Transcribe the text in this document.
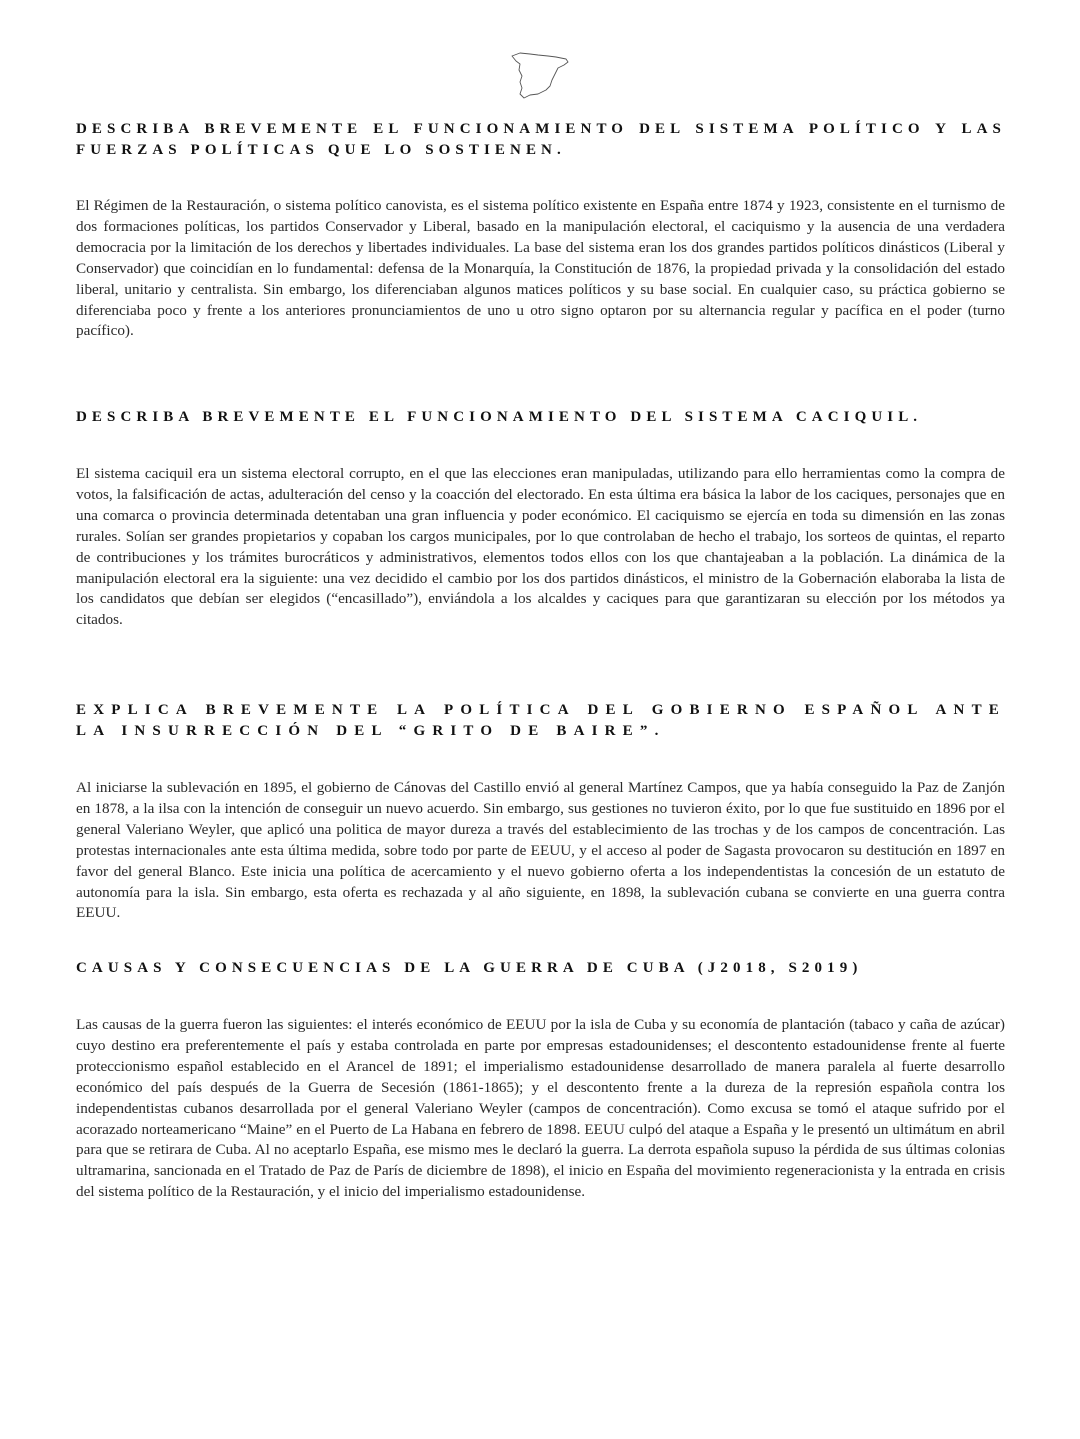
DESCRIBA BREVEMENTE EL FUNCIONAMIENTO DEL SISTEMA POLÍTICO Y LAS FUERZAS POLÍTICAS QUE LO SOSTIENEN.

El Régimen de la Restauración, o sistema político canovista, es el sistema político existente en España entre 1874 y 1923, consistente en el turnismo de dos formaciones políticas, los partidos Conservador y Liberal, basado en la manipulación electoral, el caciquismo y la ausencia de una verdadera democracia por la limitación de los derechos y libertades individuales. La base del sistema eran los dos grandes partidos políticos dinásticos (Liberal y Conservador) que coincidían en lo fundamental: defensa de la Monarquía, la Constitución de 1876, la propiedad privada y la consolidación del estado liberal, unitario y centralista. Sin embargo, los diferenciaban algunos matices políticos y su base social. En cualquier caso, su práctica gobierno se diferenciaba poco y frente a los anteriores pronunciamientos de uno u otro signo optaron por su alternancia regular y pacífica en el poder (turno pacífico).

DESCRIBA BREVEMENTE EL FUNCIONAMIENTO DEL SISTEMA CACIQUIL.

El sistema caciquil era un sistema electoral corrupto, en el que las elecciones eran manipuladas, utilizando para ello herramientas como la compra de votos, la falsificación de actas, adulteración del censo y la coacción del electorado. En esta última era básica la labor de los caciques, personajes que en una comarca o provincia determinada detentaban una gran influencia y poder económico. El caciquismo se ejercía en toda su dimensión en las zonas rurales. Solían ser grandes propietarios y copaban los cargos municipales, por lo que controlaban de hecho el trabajo, los sorteos de quintas, el reparto de contribuciones y los trámites burocráticos y administrativos, elementos todos ellos con los que chantajeaban a la población. La dinámica de la manipulación electoral era la siguiente: una vez decidido el cambio por los dos partidos dinásticos, el ministro de la Gobernación elaboraba la lista de los candidatos que debían ser elegidos (“encasillado”), enviándola a los alcaldes y caciques para que garantizaran su elección por los métodos ya citados.

EXPLICA BREVEMENTE LA POLÍTICA DEL GOBIERNO ESPAÑOL ANTE LA INSURRECCIÓN DEL “GRITO DE BAIRE”.

Al iniciarse la sublevación en 1895, el gobierno de Cánovas del Castillo envió al general Martínez Campos, que ya había conseguido la Paz de Zanjón en 1878, a la ilsa con la intención de conseguir un nuevo acuerdo. Sin embargo, sus gestiones no tuvieron éxito, por lo que fue sustituido en 1896 por el general Valeriano Weyler, que aplicó una politica de mayor dureza a través del establecimiento de las trochas y de los campos de concentración. Las protestas internacionales ante esta última medida, sobre todo por parte de EEUU, y el acceso al poder de Sagasta provocaron su destitución en 1897 en favor del general Blanco. Este inicia una política de acercamiento y el nuevo gobierno oferta a los independentistas la concesión de un estatuto de autonomía para la isla. Sin embargo, esta oferta es rechazada y al año siguiente, en 1898, la sublevación cubana se convierte en una guerra contra EEUU.

CAUSAS Y CONSECUENCIAS DE LA GUERRA DE CUBA (J2018, S2019)

Las causas de la guerra fueron las siguientes: el interés económico de EEUU por la isla de Cuba y su economía de plantación (tabaco y caña de azúcar) cuyo destino era preferentemente el país y estaba controlada en parte por empresas estadounidenses; el descontento estadounidense frente al fuerte proteccionismo español establecido en el Arancel de 1891; el imperialismo estadounidense desarrollado de manera paralela al fuerte desarrollo económico del país después de la Guerra de Secesión (1861-1865); y el descontento frente a la dureza de la represión española contra los independentistas cubanos desarrollada por el general Valeriano Weyler (campos de concentración). Como excusa se tomó el ataque sufrido por el acorazado norteamericano “Maine” en el Puerto de La Habana en febrero de 1898. EEUU culpó del ataque a España y le presentó un ultimátum en abril para que se retirara de Cuba. Al no aceptarlo España, ese mismo mes le declaró la guerra. La derrota española supuso la pérdida de sus últimas colonias ultramarina, sancionada en el Tratado de Paz de París de diciembre de 1898), el inicio en España del movimiento regeneracionista y la entrada en crisis del sistema político de la Restauración, y el inicio del imperialismo estadounidense.
